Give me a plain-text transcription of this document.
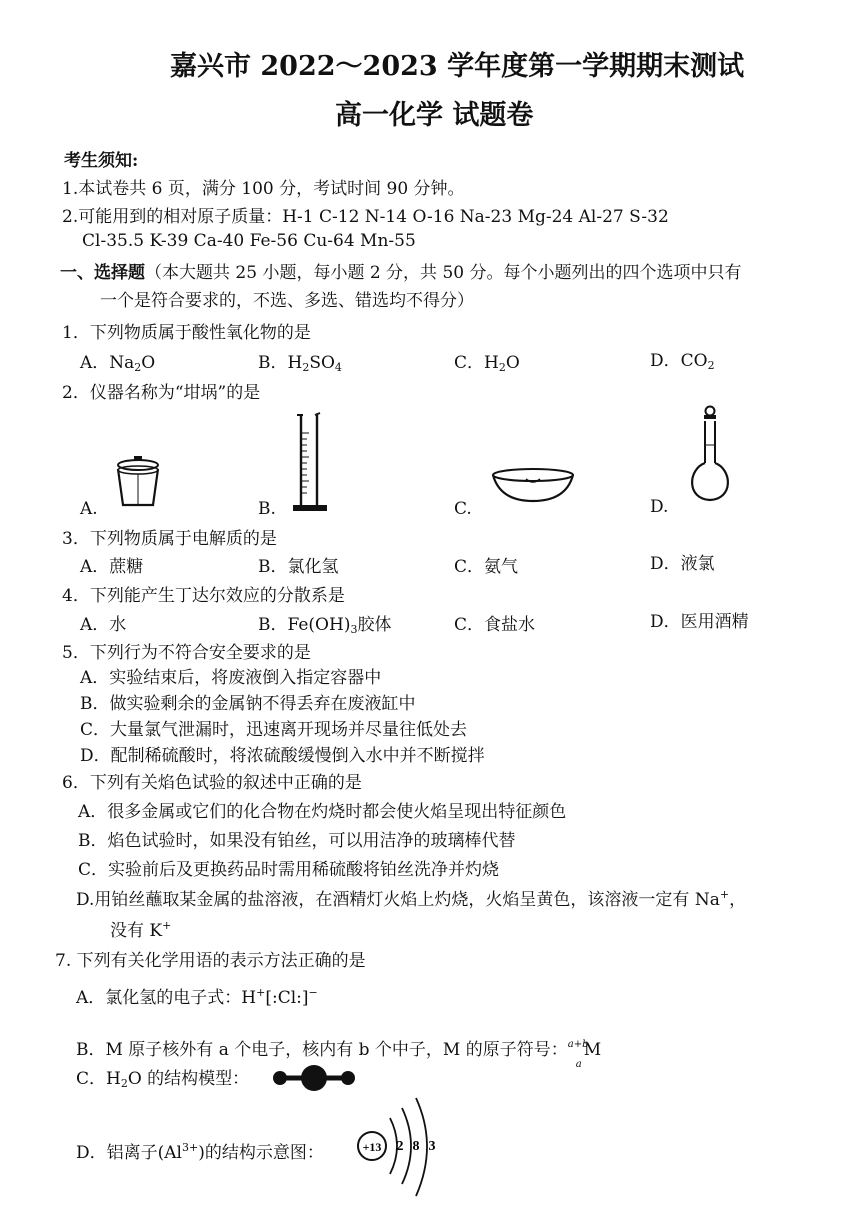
嘉兴市 2022～2023 学年度第一学期期末测试
高一化学 试题卷
考生须知:
1.本试卷共 6 页，满分 100 分，考试时间 90 分钟。
2.可能用到的相对原子质量：H-1 C-12 N-14 O-16 Na-23 Mg-24 Al-27 S-32
Cl-35.5 K-39 Ca-40 Fe-56 Cu-64 Mn-55
一、选择题（本大题共 25 小题，每小题 2 分，共 50 分。每个小题列出的四个选项中只有
一个是符合要求的，不选、多选、错选均不得分）
1．下列物质属于酸性氧化物的是
A．$Na_2O$	B．$H_2SO_4$	C．$H_2O$	D．$CO_2$
2．仪器名称为“坩埚”的是
A.	B.	C.	D.
3．下列物质属于电解质的是
A．蔗糖	B．氯化氢	C．氨气	D．液氯
4．下列能产生丁达尔效应的分散系是
A．水	B．$Fe(OH)_3$胶体	C．食盐水	D．医用酒精
5．下列行为不符合安全要求的是
A．实验结束后，将废液倒入指定容器中
B．做实验剩余的金属钠不得丢弃在废液缸中
C．大量氯气泄漏时，迅速离开现场并尽量往低处去
D．配制稀硫酸时，将浓硫酸缓慢倒入水中并不断搅拌
6．下列有关焰色试验的叙述中正确的是
A．很多金属或它们的化合物在灼烧时都会使火焰呈现出特征颜色
B．焰色试验时，如果没有铂丝，可以用洁净的玻璃棒代替
C．实验前后及更换药品时需用稀硫酸将铂丝洗净并灼烧
D.用铂丝蘸取某金属的盐溶液，在酒精灯火焰上灼烧，火焰呈黄色，该溶液一定有 Na+，
没有 K+
7. 下列有关化学用语的表示方法正确的是
A．氯化氢的电子式：H+[:Cl:]−
B．M 原子核外有 a 个电子，核内有 b 个中子，M 的原子符号： a+b
a
M
C．$H_2O$ 的结构模型：
D．铝离子$(Al^{3+})$的结构示意图：	+13 2 8 3
